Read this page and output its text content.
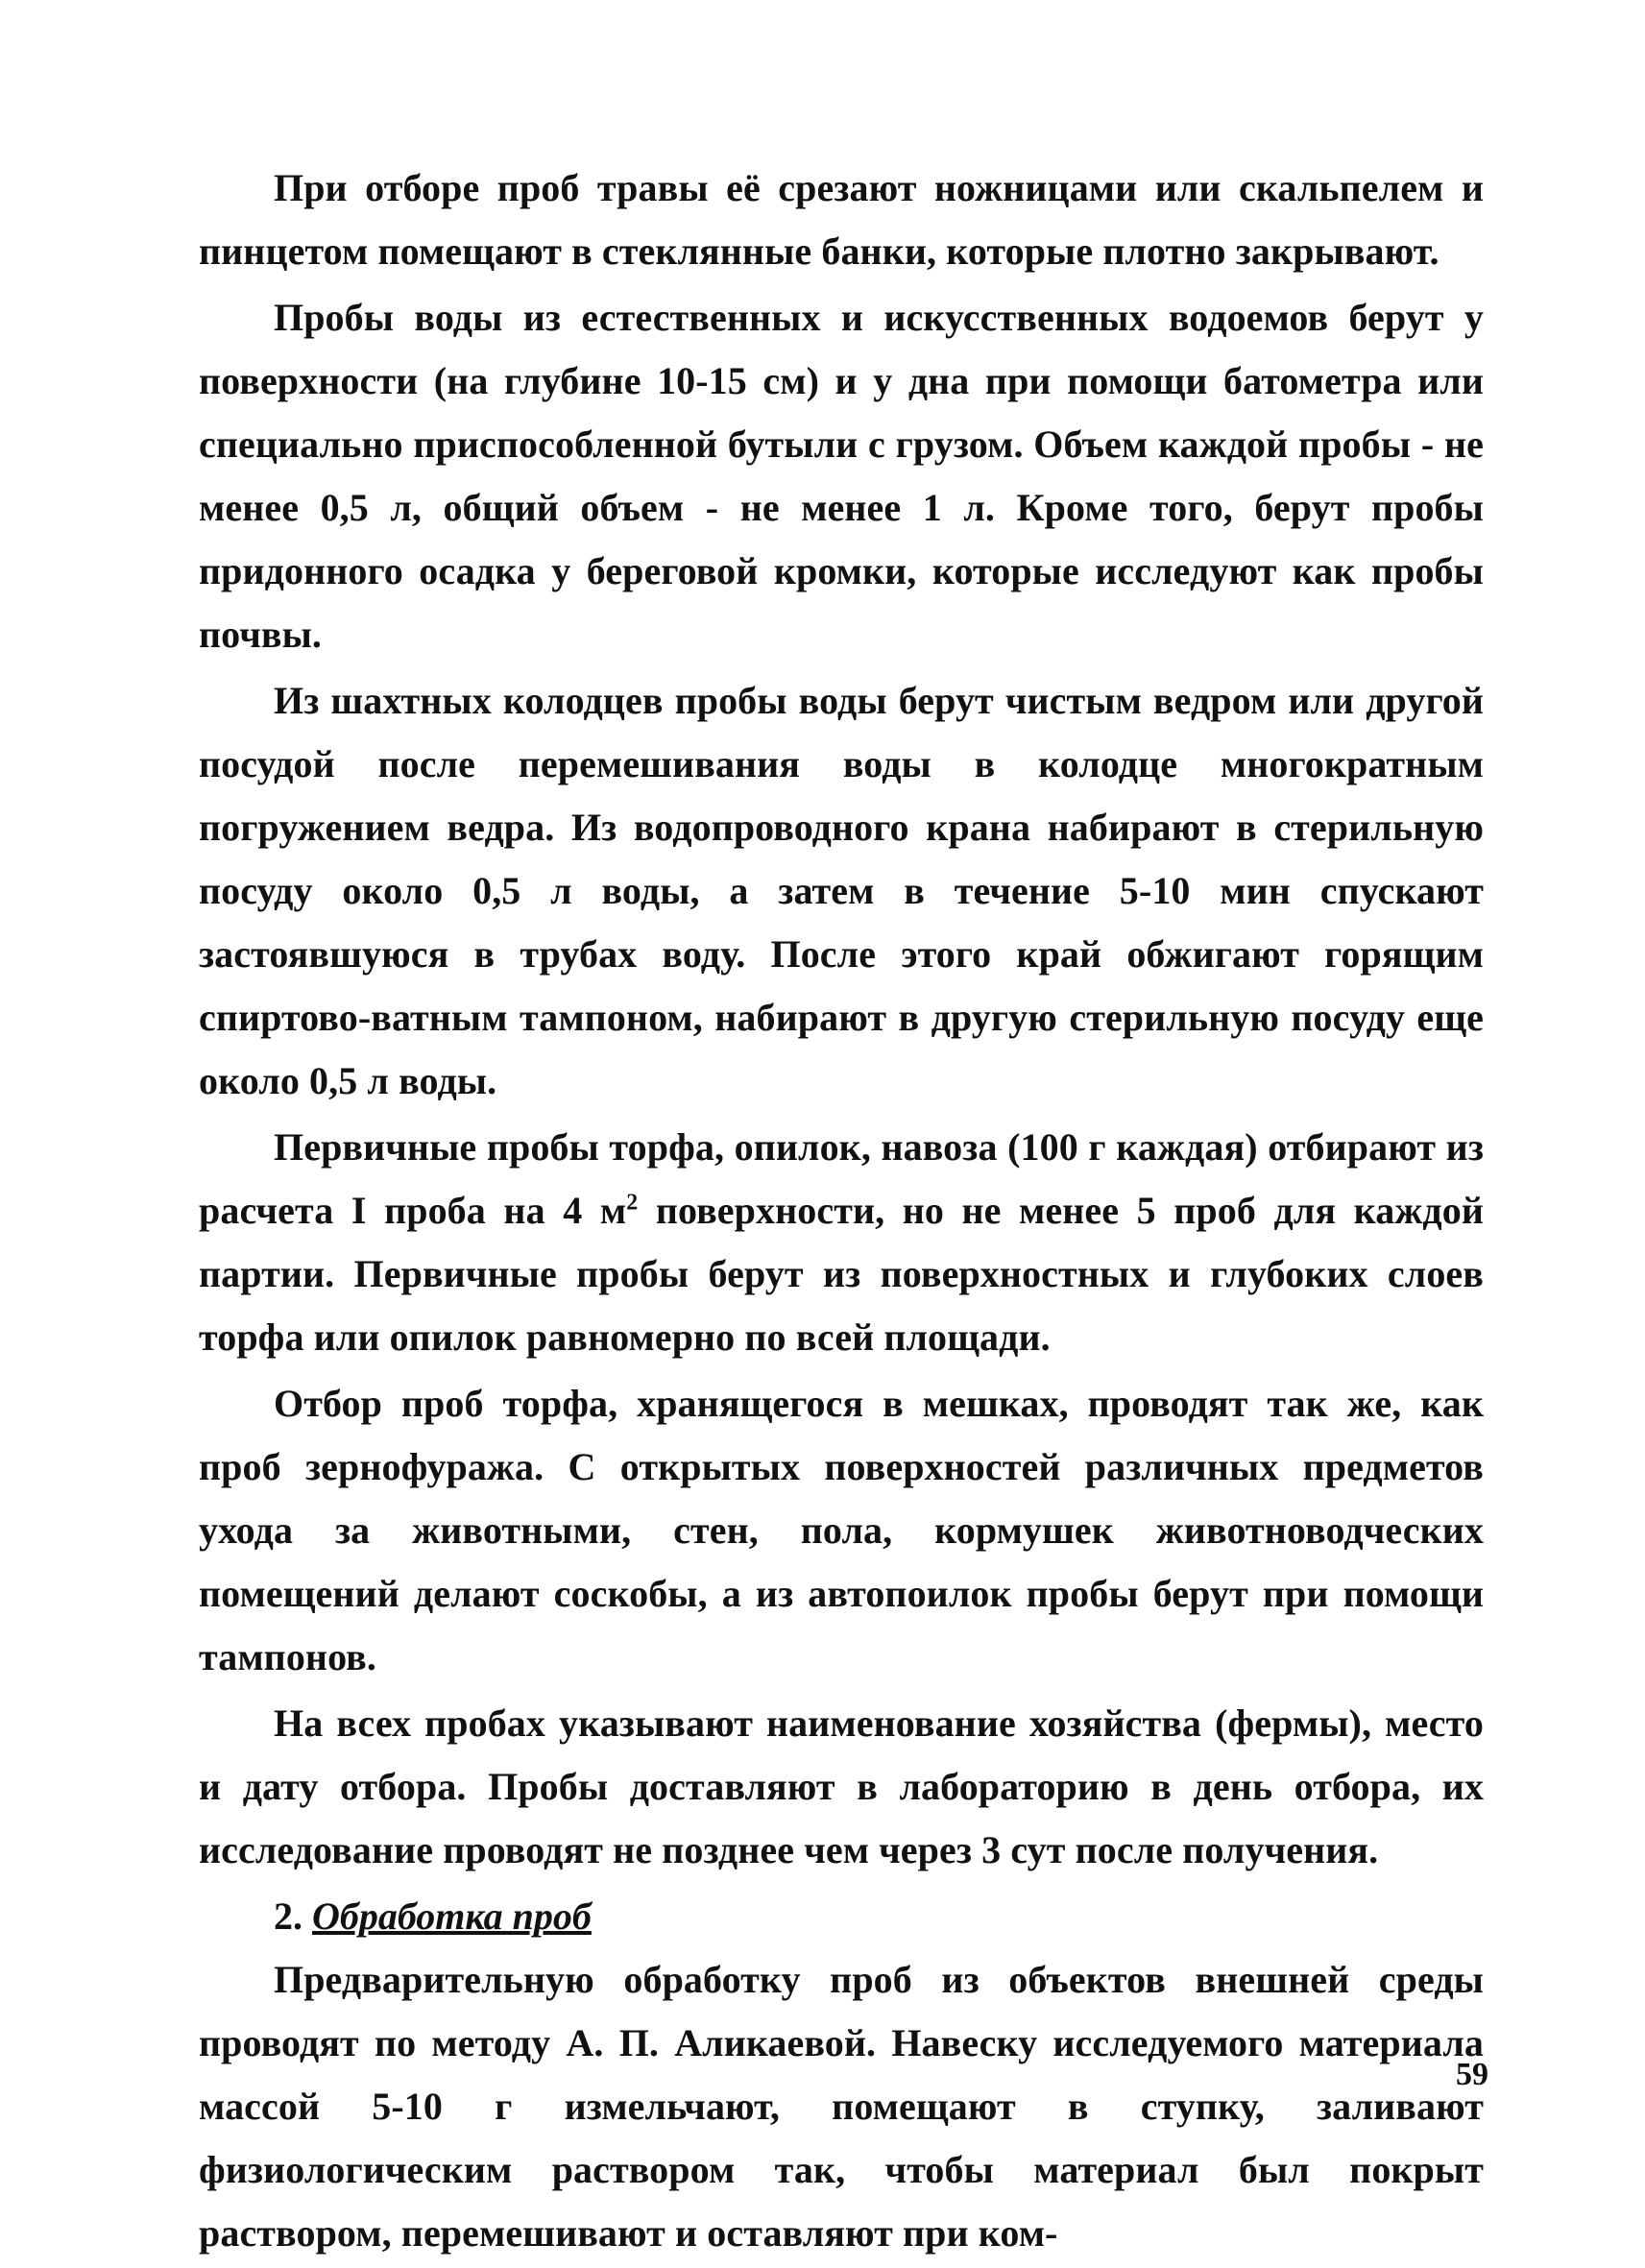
При отборе проб травы её срезают ножницами или скальпелем и пинцетом помещают в стеклянные банки, которые плотно закрывают.

Пробы воды из естественных и искусственных водоемов берут у поверхности (на глубине 10-15 см) и у дна при помощи батометра или специально приспособленной бутыли с грузом. Объем каждой пробы - не менее 0,5 л, общий объем - не менее 1 л. Кроме того, берут пробы придонного осадка у береговой кромки, которые исследуют как пробы почвы.

Из шахтных колодцев пробы воды берут чистым ведром или другой посудой после перемешивания воды в колодце многократным погружением ведра. Из водопроводного крана набирают в стерильную посуду около 0,5 л воды, а затем в течение 5-10 мин спускают застоявшуюся в трубах воду. После этого край обжигают горящим спиртово-ватным тампоном, набирают в другую стерильную посуду еще около 0,5 л воды.

Первичные пробы торфа, опилок, навоза (100 г каждая) отбирают из расчета I проба на 4 $м^2$ поверхности, но не менее 5 проб для каждой партии. Первичные пробы берут из поверхностных и глубоких слоев торфа или опилок равномерно по всей площади.

Отбор проб торфа, хранящегося в мешках, проводят так же, как проб зернофуража. С открытых поверхностей различных предметов ухода за животными, стен, пола, кормушек животноводческих помещений делают соскобы, а из автопоилок пробы берут при помощи тампонов.

На всех пробах указывают наименование хозяйства (фермы), место и дату отбора. Пробы доставляют в лабораторию в день отбора, их исследование проводят не позднее чем через 3 сут после получения.

2. Обработка проб

Предварительную обработку проб из объектов внешней среды проводят по методу А. П. Аликаевой. Навеску исследуемого материала массой 5-10 г измельчают, помещают в ступку, заливают физиологическим раствором так, чтобы материал был покрыт раствором, перемешивают и оставляют при ком-

59
